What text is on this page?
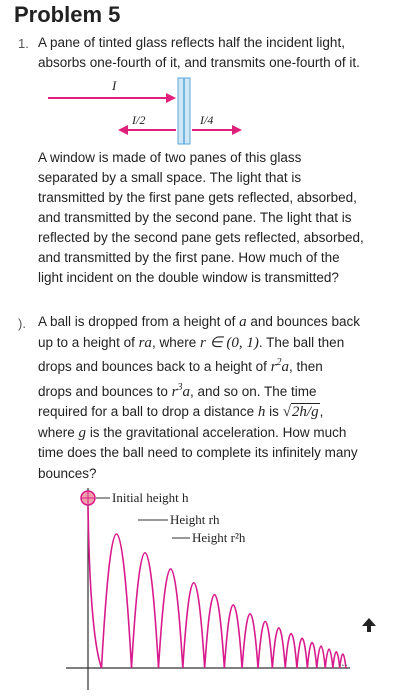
Problem 5
1. A pane of tinted glass reflects half the incident light,
absorbs one-fourth of it, and transmits one-fourth of it.
I
I/2	I/4
A window is made of two panes of this glass
separated by a small space. The light that is
transmitted by the first pane gets reflected, absorbed,
and transmitted by the second pane. The light that is
reflected by the second pane gets reflected, absorbed,
and transmitted by the first pane. How much of the
light incident on the double window is transmitted?
). A ball is dropped from a height of a and bounces back
up to a height of ra, where r ∈ (0, 1). The ball then
drops and bounces back to a height of $r^2a$, then
drops and bounces to $r^3a$, and so on. The time
required for a ball to drop a distance h is √2h/g,
where g is the gravitational acceleration. How much
time does the ball need to complete its infinitely many
bounces?
Initial height h
Height rh
Height r²h
...
